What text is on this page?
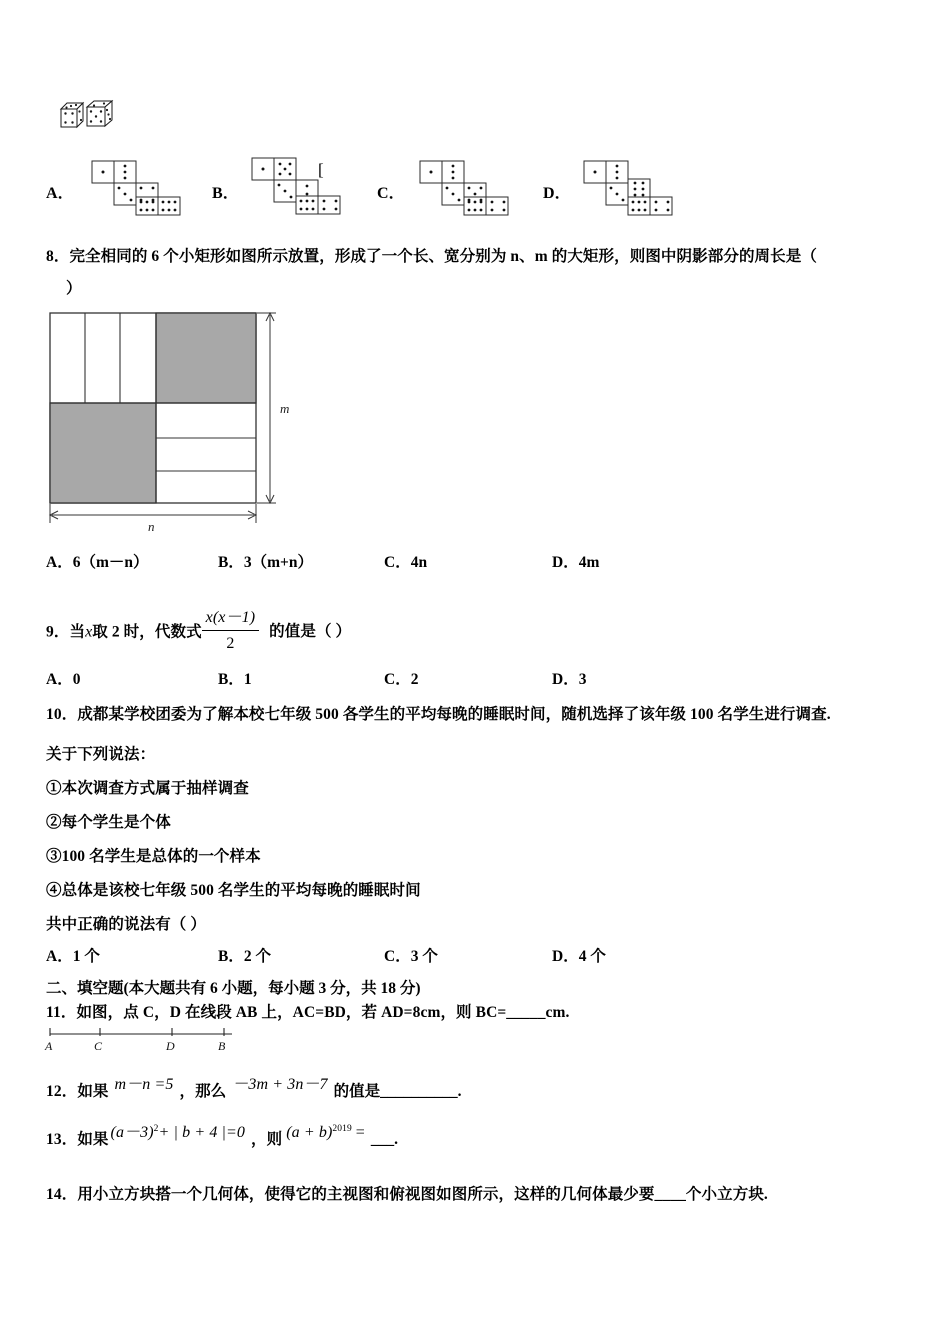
A．	B．
[
C．	D．
8．完全相同的 6 个小矩形如图所示放置，形成了一个长、宽分别为 n、m 的大矩形，则图中阴影部分的周长是（
）
m
n
A．6（m－n）	B．3（m+n）	C．4n	D．4m
9．当x取 2 时，代数式 $\frac{x(x-1)}{2}$ 的值是（ ）
A．0	B．1	C．2	D．3
10．成都某学校团委为了解本校七年级 500 各学生的平均每晚的睡眠时间，随机选择了该年级 100 名学生进行调查.
关于下列说法：
①本次调查方式属于抽样调查
②每个学生是个体
③100 名学生是总体的一个样本
④总体是该校七年级 500 名学生的平均每晚的睡眠时间
共中正确的说法有（ ）
A．1 个	B．2 个	C．3 个	D．4 个
二、填空题(本大题共有 6 小题，每小题 3 分，共 18 分)
11．如图，点 C，D 在线段 AB 上，AC=BD，若 AD=8cm，则 BC=_____cm.
A	C	D	B
12．如果 m－n =5 ，那么 －3m + 3n－7 的值是__________.
13．如果 $(a-3)^2+$ | b + 4 |=0 ，则 $(a + b)^{2019}$ = ___.
14．用小立方块搭一个几何体，使得它的主视图和俯视图如图所示，这样的几何体最少要____个小立方块.
